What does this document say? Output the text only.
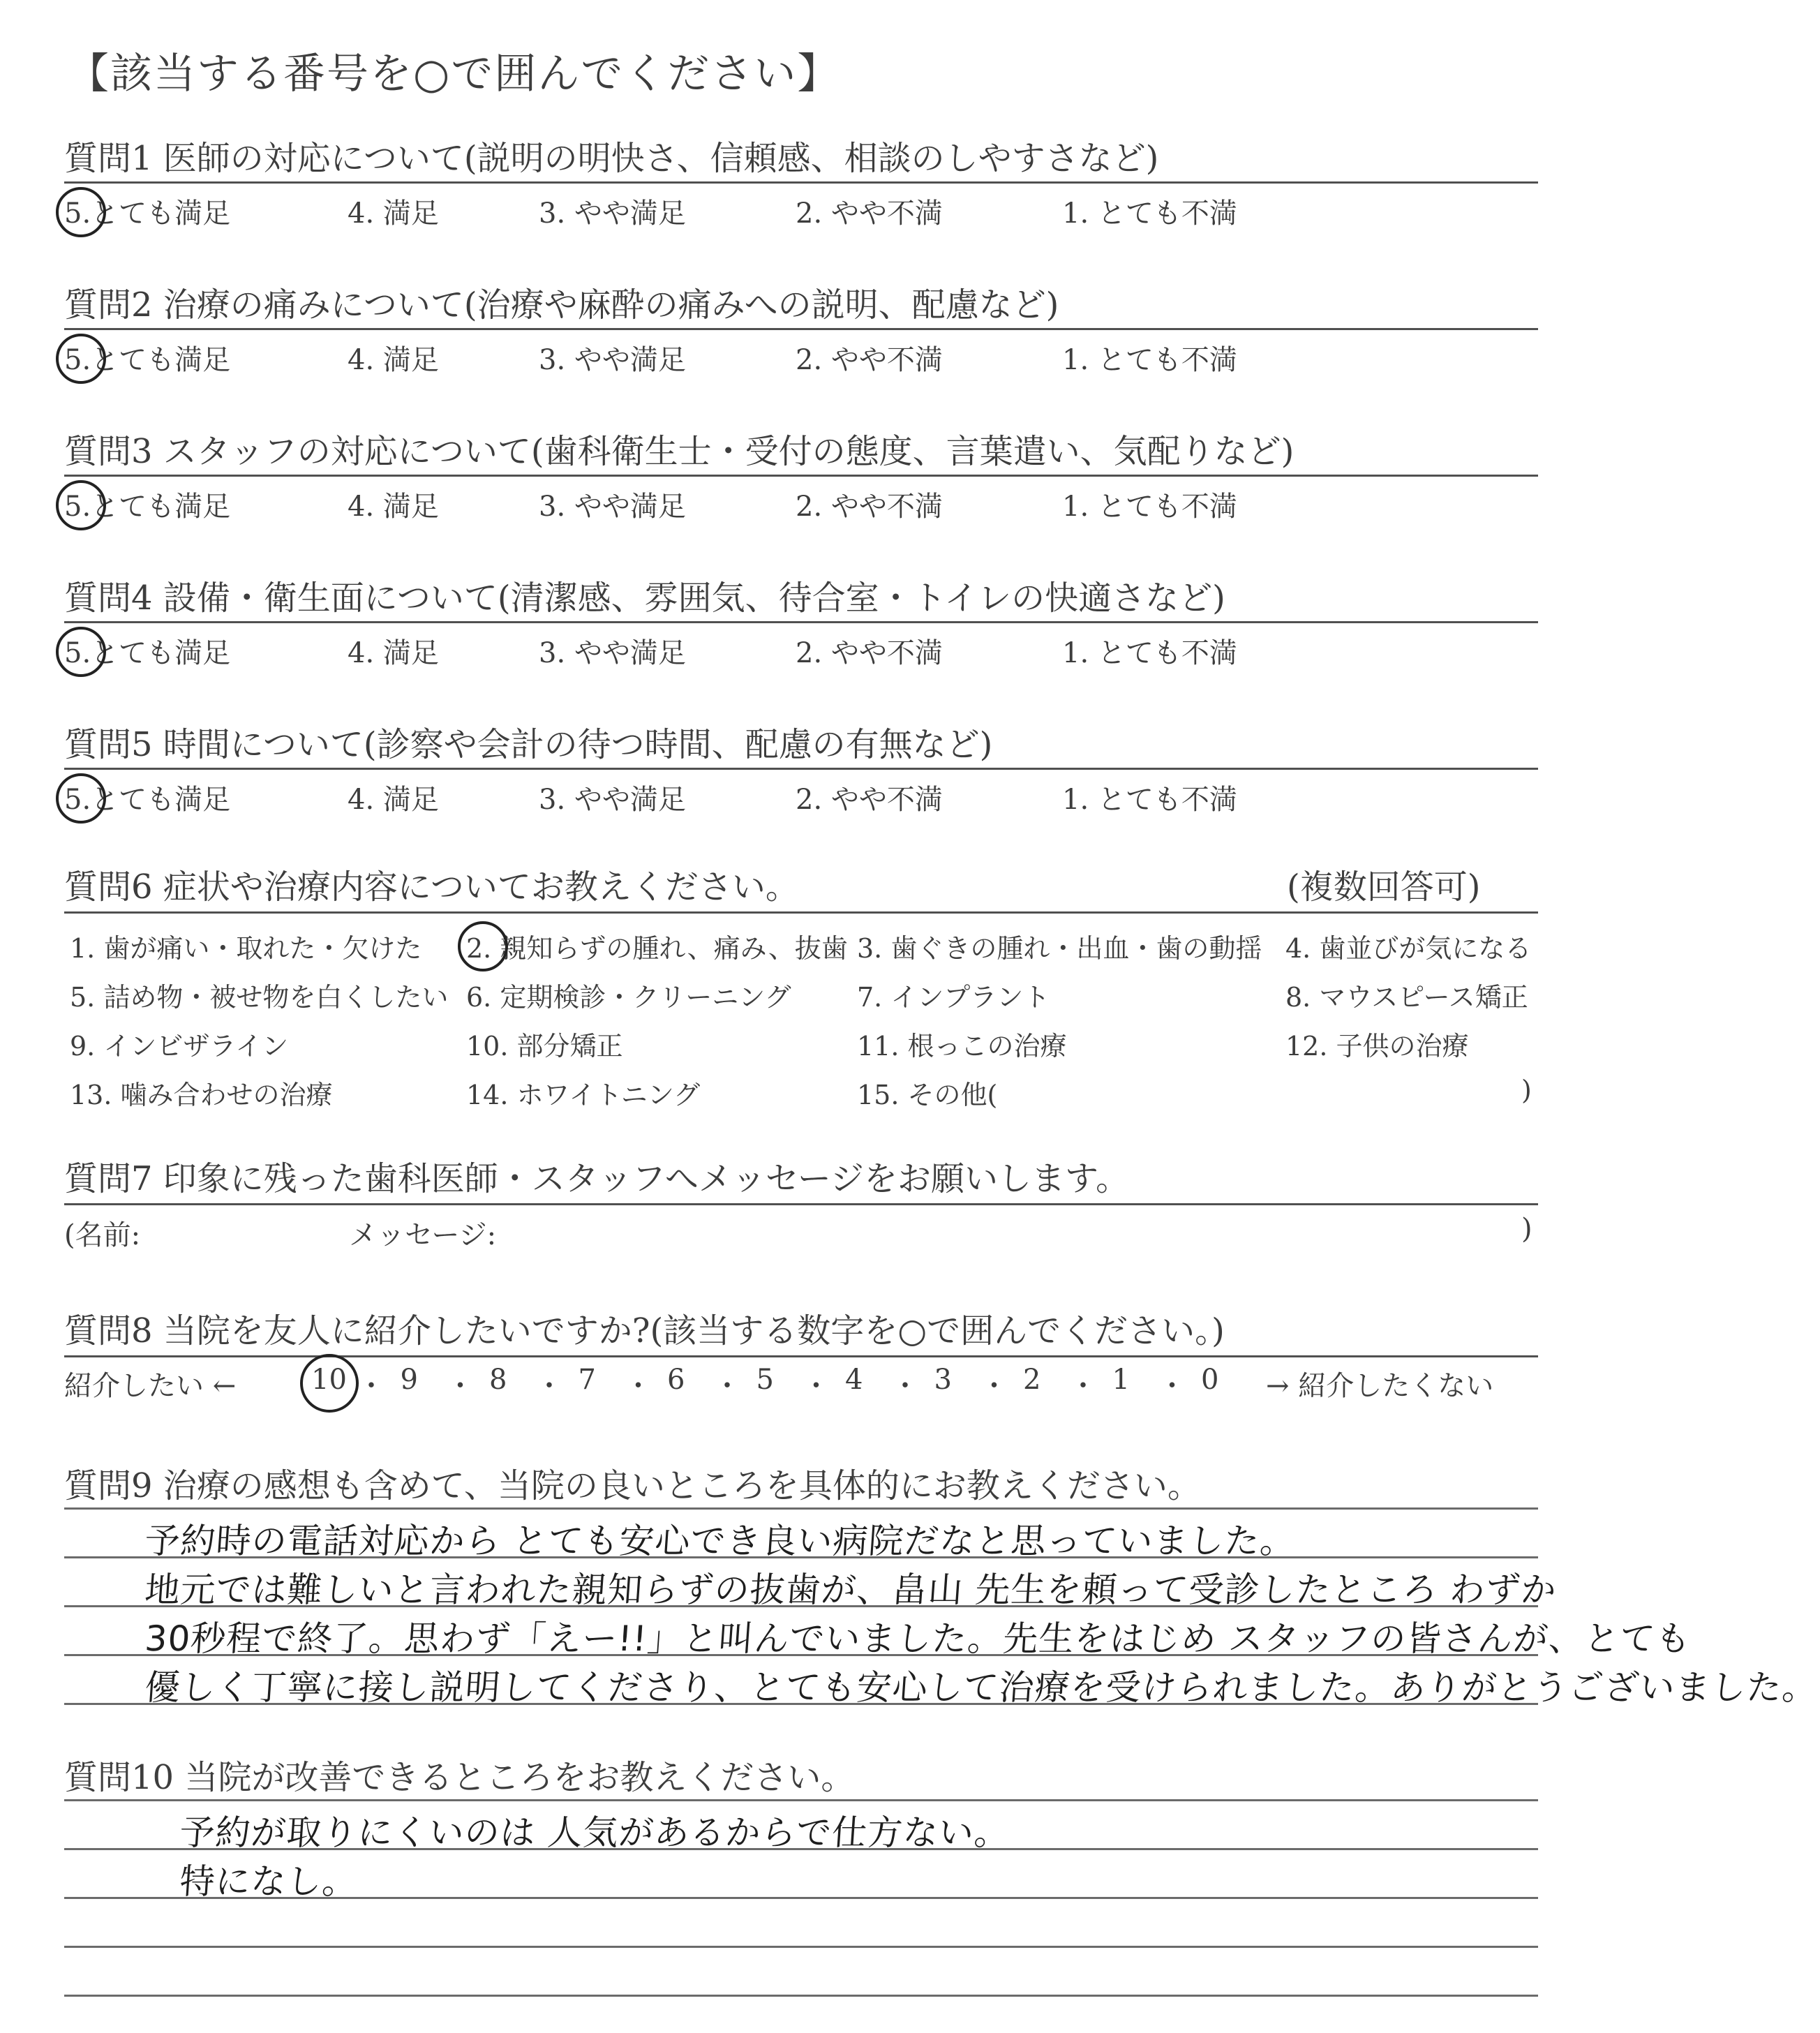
【該当する番号を○で囲んでください】
質問1 医師の対応について(説明の明快さ、信頼感、相談のしやすさなど)
5.とても満足	4. 満足	3. やや満足	2. やや不満	1. とても不満
質問2 治療の痛みについて(治療や麻酔の痛みへの説明、配慮など)
5.とても満足	4. 満足	3. やや満足	2. やや不満	1. とても不満
質問3 スタッフの対応について(歯科衛生士・受付の態度、言葉遣い、気配りなど)
5.とても満足	4. 満足	3. やや満足	2. やや不満	1. とても不満
質問4 設備・衛生面について(清潔感、雰囲気、待合室・トイレの快適さなど)
5.とても満足	4. 満足	3. やや満足	2. やや不満	1. とても不満
質問5 時間について(診察や会計の待つ時間、配慮の有無など)
5.とても満足	4. 満足	3. やや満足	2. やや不満	1. とても不満
質問6 症状や治療内容についてお教えください。	(複数回答可)
1. 歯が痛い・取れた・欠けた 2. 親知らずの腫れ、痛み、抜歯 3. 歯ぐきの腫れ・出血・歯の動揺 4. 歯並びが気になる
5. 詰め物・被せ物を白くしたい 6. 定期検診・クリーニング 7. インプラント	8. マウスピース矯正
9. インビザライン	10. 部分矯正	11. 根っこの治療	12. 子供の治療
13. 噛み合わせの治療	14. ホワイトニング	15. その他(	)
質問7 印象に残った歯科医師・スタッフへメッセージをお願いします。
(名前:	メッセージ:	)
質問8 当院を友人に紹介したいですか?(該当する数字を○で囲んでください。)
紹介したい ←	→ 紹介したくない
10 ・ 9 ・ 8 ・ 7 ・ 6 ・ 5 ・ 4 ・ 3 ・ 2 ・ 1 ・ 0
質問9 治療の感想も含めて、当院の良いところを具体的にお教えください。
予約時の電話対応から とても安心でき良い病院だなと思っていました。
地元では難しいと言われた親知らずの抜歯が、畠山 先生を頼って受診したところ わずか
30秒程で終了。思わず「えー!!」と叫んでいました。先生をはじめ スタッフの皆さんが、とても
優しく丁寧に接し説明してくださり、とても安心して治療を受けられました。ありがとうございました。
質問10 当院が改善できるところをお教えください。
予約が取りにくいのは 人気があるからで仕方ない。
特になし。
